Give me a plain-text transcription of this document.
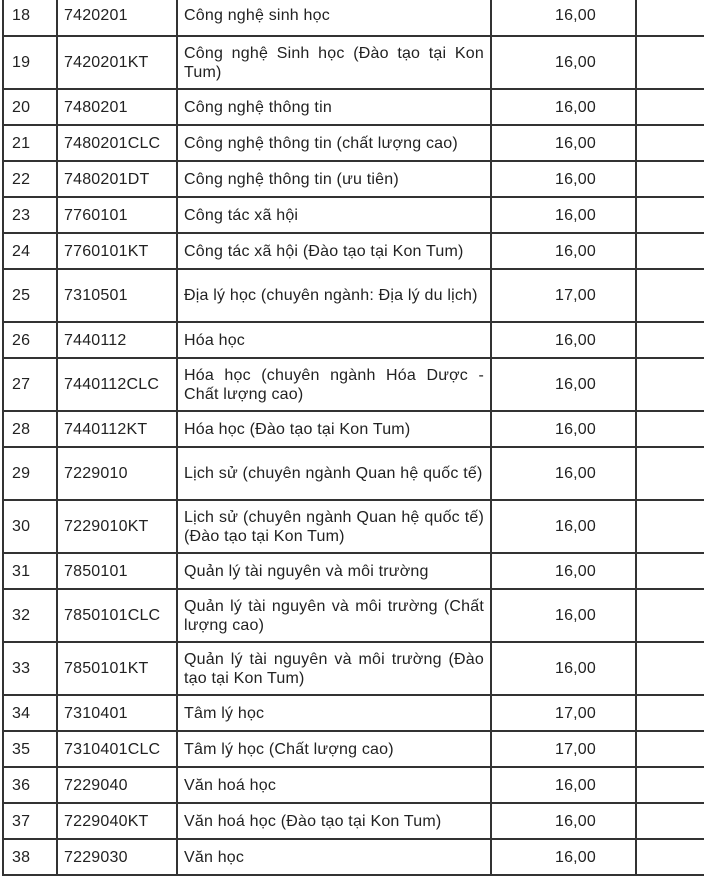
18	7420201	Công nghệ sinh học	16,00	
19	7420201KT	Công nghệ Sinh học (Đào tạo tại Kon Tum)	16,00	
20	7480201	Công nghệ thông tin	16,00	
21	7480201CLC	Công nghệ thông tin (chất lượng cao)	16,00	
22	7480201DT	Công nghệ thông tin (ưu tiên)	16,00	
23	7760101	Công tác xã hội	16,00	
24	7760101KT	Công tác xã hội (Đào tạo tại Kon Tum)	16,00	
25	7310501	Địa lý học (chuyên ngành: Địa lý du lịch)	17,00	
26	7440112	Hóa học	16,00	
27	7440112CLC	Hóa học (chuyên ngành Hóa Dược - Chất lượng cao)	16,00	
28	7440112KT	Hóa học (Đào tạo tại Kon Tum)	16,00	
29	7229010	Lịch sử (chuyên ngành Quan hệ quốc tế)	16,00	
30	7229010KT	Lịch sử (chuyên ngành Quan hệ quốc tế) (Đào tạo tại Kon Tum)	16,00	
31	7850101	Quản lý tài nguyên và môi trường	16,00	
32	7850101CLC	Quản lý tài nguyên và môi trường (Chất lượng cao)	16,00	
33	7850101KT	Quản lý tài nguyên và môi trường (Đào tạo tại Kon Tum)	16,00	
34	7310401	Tâm lý học	17,00	
35	7310401CLC	Tâm lý học (Chất lượng cao)	17,00	
36	7229040	Văn hoá học	16,00	
37	7229040KT	Văn hoá học (Đào tạo tại Kon Tum)	16,00	
38	7229030	Văn học	16,00	
